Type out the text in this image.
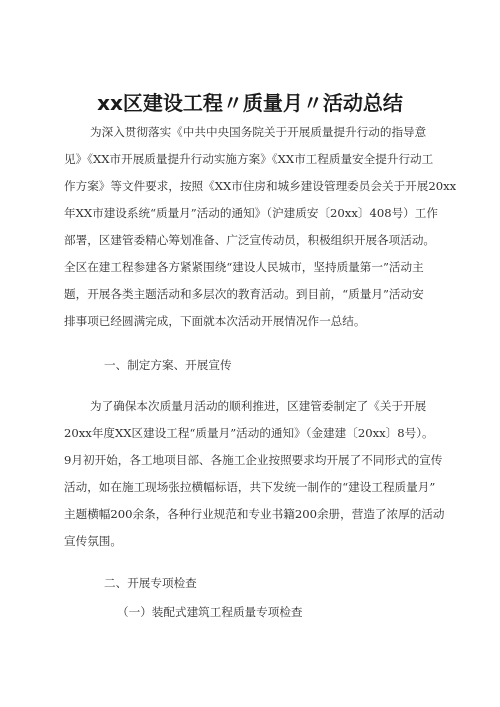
xx区建设工程〃质量月〃活动总结
为深入贯彻落实《中共中央国务院关于开展质量提升行动的指导意
见》《XX市开展质量提升行动实施方案》《XX市工程质量安全提升行动工
作方案》等文件要求，按照《XX市住房和城乡建设管理委员会关于开展20xx
年XX市建设系统“质量月”活动的通知》（沪建质安〔20xx〕408号）工作
部署，区建管委精心筹划准备、广泛宣传动员，积极组织开展各项活动。
全区在建工程参建各方紧紧围绕“建设人民城市，坚持质量第一”活动主
题，开展各类主题活动和多层次的教育活动。到目前，“质量月”活动安
排事项已经圆满完成，下面就本次活动开展情况作一总结。
一、制定方案、开展宣传
为了确保本次质量月活动的顺利推进，区建管委制定了《关于开展
20xx年度XX区建设工程“质量月”活动的通知》（金建建〔20xx〕8号）。
9月初开始，各工地项目部、各施工企业按照要求均开展了不同形式的宣传
活动，如在施工现场张拉横幅标语，共下发统一制作的“建设工程质量月”
主题横幅200余条，各种行业规范和专业书籍200余册，营造了浓厚的活动
宣传氛围。
二、开展专项检查
（一）装配式建筑工程质量专项检查
